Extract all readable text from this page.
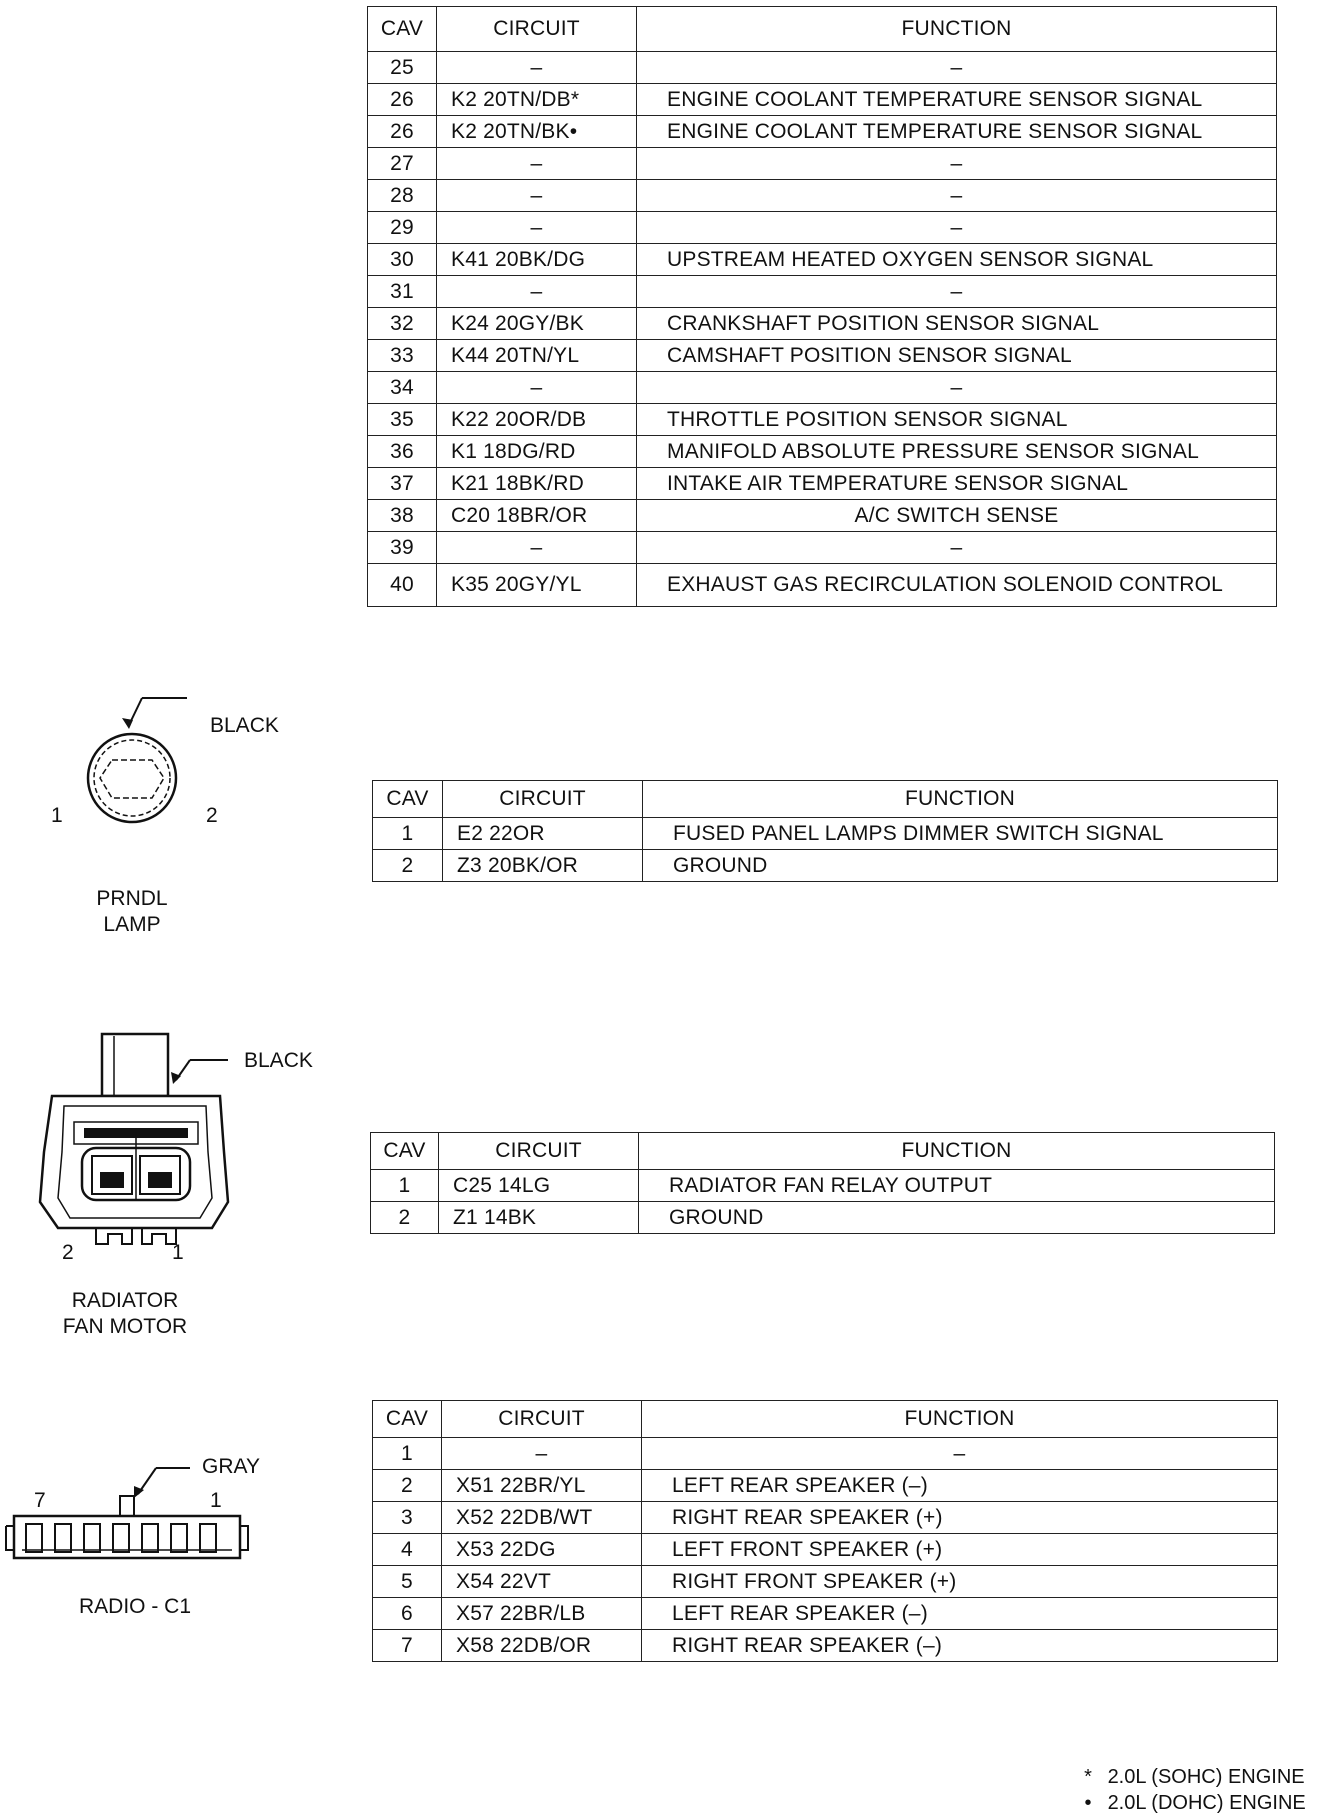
CAV	CIRCUIT	FUNCTION
25	–	–
26	K2 20TN/DB*	ENGINE COOLANT TEMPERATURE SENSOR SIGNAL
26	K2 20TN/BK•	ENGINE COOLANT TEMPERATURE SENSOR SIGNAL
27	–	–
28	–	–
29	–	–
30	K41 20BK/DG	UPSTREAM HEATED OXYGEN SENSOR SIGNAL
31	–	–
32	K24 20GY/BK	CRANKSHAFT POSITION SENSOR SIGNAL
33	K44 20TN/YL	CAMSHAFT POSITION SENSOR SIGNAL
34	–	–
35	K22 20OR/DB	THROTTLE POSITION SENSOR SIGNAL
36	K1 18DG/RD	MANIFOLD ABSOLUTE PRESSURE SENSOR SIGNAL
37	K21 18BK/RD	INTAKE AIR TEMPERATURE SENSOR SIGNAL
38	C20 18BR/OR	A/C SWITCH SENSE
39	–	–
40	K35 20GY/YL	EXHAUST GAS RECIRCULATION SOLENOID CONTROL
BLACK
1	2
PRNDL
LAMP
CAV	CIRCUIT	FUNCTION
1	E2 22OR	FUSED PANEL LAMPS DIMMER SWITCH SIGNAL
2	Z3 20BK/OR	GROUND
BLACK
2	1
RADIATOR
FAN MOTOR
CAV	CIRCUIT	FUNCTION
1	C25 14LG	RADIATOR FAN RELAY OUTPUT
2	Z1 14BK	GROUND
GRAY
7	1
RADIO - C1
CAV	CIRCUIT	FUNCTION
1	–	–
2	X51 22BR/YL	LEFT REAR SPEAKER (–)
3	X52 22DB/WT	RIGHT REAR SPEAKER (+)
4	X53 22DG	LEFT FRONT SPEAKER (+)
5	X54 22VT	RIGHT FRONT SPEAKER (+)
6	X57 22BR/LB	LEFT REAR SPEAKER (–)
7	X58 22DB/OR	RIGHT REAR SPEAKER (–)
* 2.0L (SOHC) ENGINE
• 2.0L (DOHC) ENGINE
